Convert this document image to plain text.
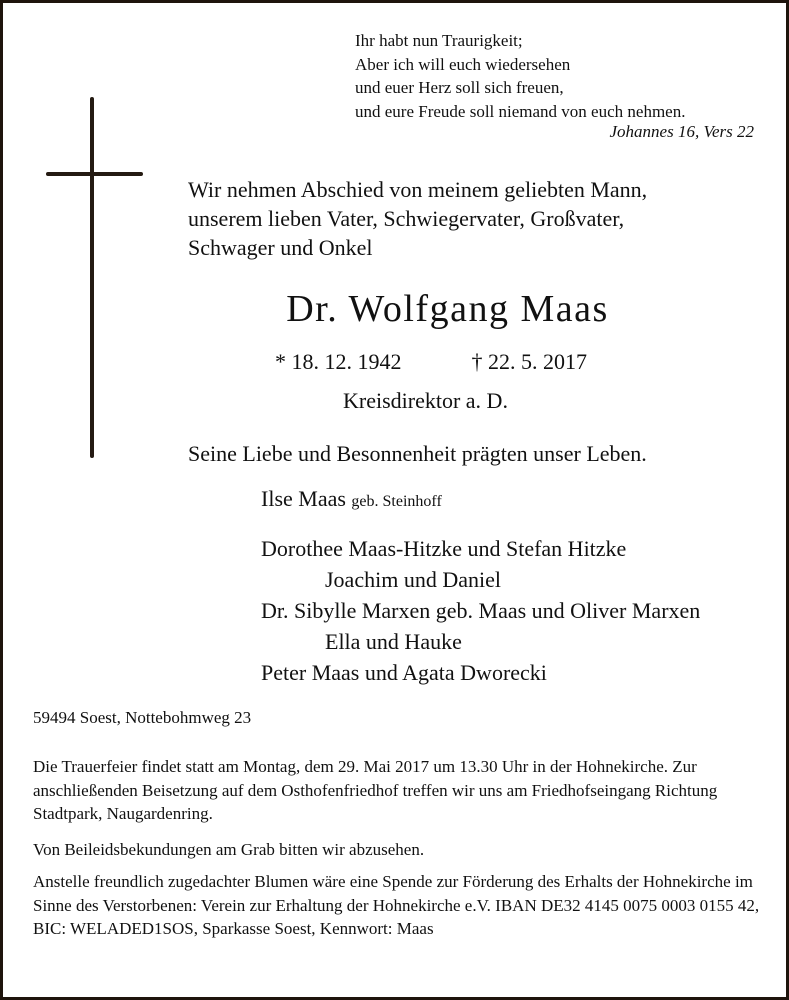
Ihr habt nun Traurigkeit;
Aber ich will euch wiedersehen
und euer Herz soll sich freuen,
und eure Freude soll niemand von euch nehmen.
Johannes 16, Vers 22
Wir nehmen Abschied von meinem geliebten Mann,
unserem lieben Vater, Schwiegervater, Großvater,
Schwager und Onkel
Dr. Wolfgang Maas
* 18. 12. 1942	† 22. 5. 2017
Kreisdirektor a. D.
Seine Liebe und Besonnenheit prägten unser Leben.
Ilse Maas geb. Steinhoff
Dorothee Maas-Hitzke und Stefan Hitzke
Joachim und Daniel
Dr. Sibylle Marxen geb. Maas und Oliver Marxen
Ella und Hauke
Peter Maas und Agata Dworecki
59494 Soest, Nottebohmweg 23
Die Trauerfeier findet statt am Montag, dem 29. Mai 2017 um 13.30 Uhr in der Hohnekirche. Zur anschließenden Beisetzung auf dem Osthofenfriedhof treffen wir uns am Friedhofseingang Richtung Stadtpark, Naugardenring.
Von Beileidsbekundungen am Grab bitten wir abzusehen.
Anstelle freundlich zugedachter Blumen wäre eine Spende zur Förderung des Erhalts der Hohnekirche im Sinne des Verstorbenen: Verein zur Erhaltung der Hohnekirche e.V. IBAN DE32 4145 0075 0003 0155 42, BIC: WELADED1SOS, Sparkasse Soest, Kennwort: Maas
